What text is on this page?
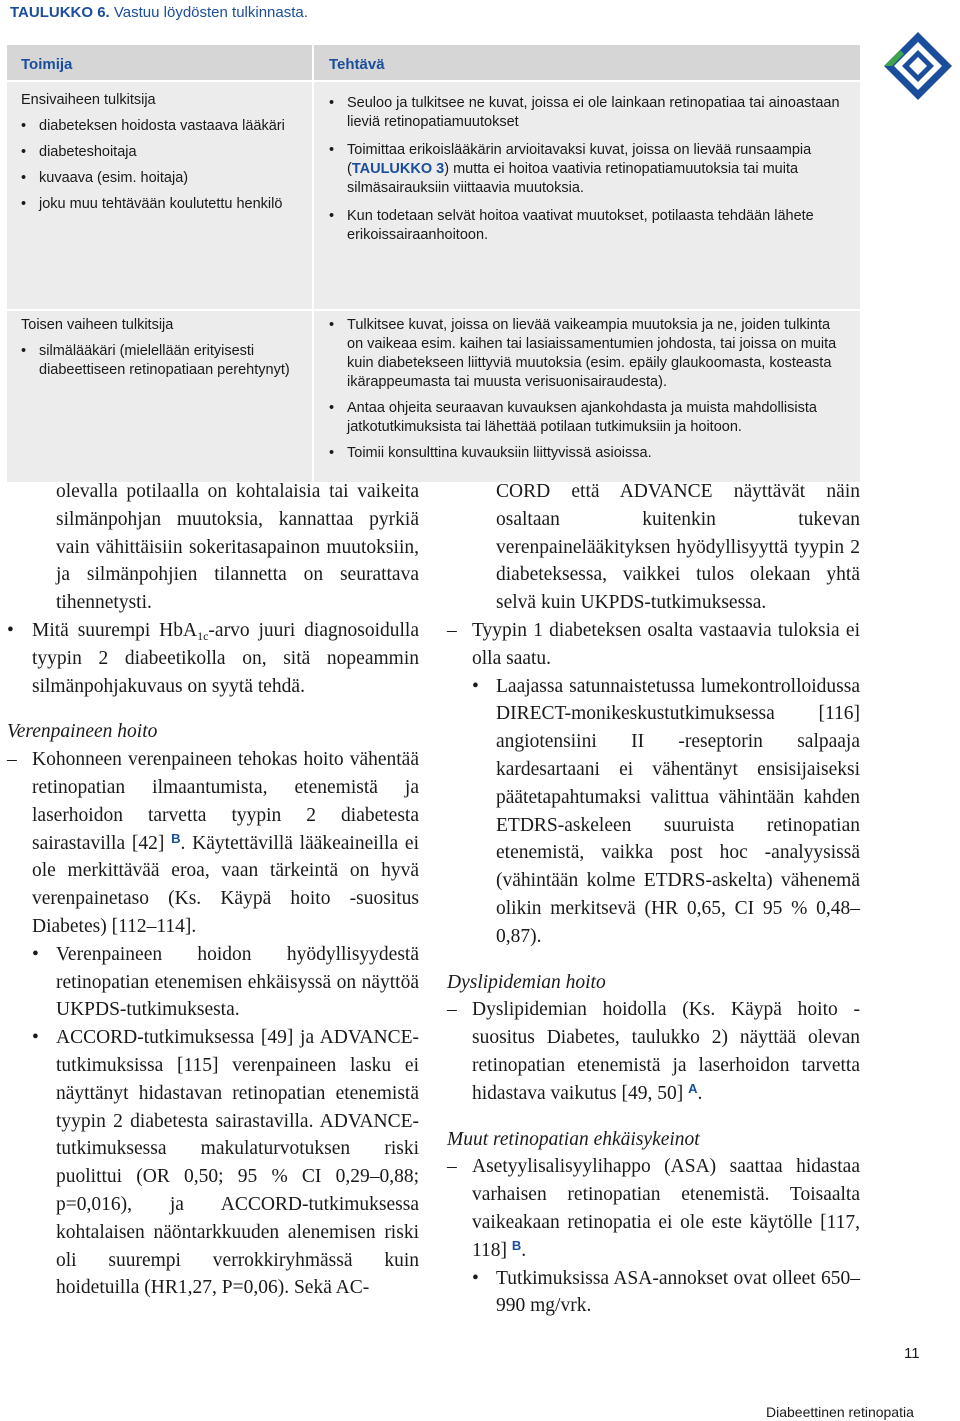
TAULUKKO 6. Vastuu löydösten tulkinnasta.
Toimija	Tehtävä

Ensivaiheen tulkitsija

• diabeteksen hoidosta vastaava lääkäri
• diabeteshoitaja
• kuvaava (esim. hoitaja)
• joku muu tehtävään koulutettu henkilö
• Seuloo ja tulkitsee ne kuvat, joissa ei ole lainkaan retinopatiaa tai ainoastaan lieviä retinopatiamuutokset
• Toimittaa erikoislääkärin arvioitavaksi kuvat, joissa on lievää runsaampia (TAULUKKO 3) mutta ei hoitoa vaativia retinopatiamuutoksia tai muita silmäsairauksiin viittaavia muutoksia.
• Kun todetaan selvät hoitoa vaativat muutokset, potilaasta tehdään lähete erikoissairaanhoitoon.

Toisen vaiheen tulkitsija

• silmälääkäri (mielellään erityisesti diabeettiseen retinopatiaan perehtynyt)
• Tulkitsee kuvat, joissa on lievää vaikeampia muutoksia ja ne, joiden tulkinta on vaikeaa esim. kaihen tai lasiaissamentumien johdosta, tai joissa on muita kuin diabetekseen liittyviä muutoksia (esim. epäily glaukoomasta, kosteasta ikärappeumasta tai muusta verisuonisairaudesta).
• Antaa ohjeita seuraavan kuvauksen ajankohdasta ja muista mahdollisista jatkotutkimuksista tai lähettää potilaan tutkimuksiin ja hoitoon.
• Toimii konsulttina kuvauksiin liittyvissä asioissa.

olevalla potilaalla on kohtalaisia tai vaikeita silmänpohjan muutoksia, kannattaa pyrkiä vain vähittäisiin sokeritasapainon muutoksiin, ja silmänpohjien tilannetta on seurattava tihennetysti.

• Mitä suurempi HbA$_{1c}$-arvo juuri diagnosoidulla tyypin 2 diabeetikolla on, sitä nopeammin silmänpohjakuvaus on syytä tehdä.

Verenpaineen hoito

– Kohonneen verenpaineen tehokas hoito vähentää retinopatian ilmaantumista, etenemistä ja laserhoidon tarvetta tyypin 2 diabetesta sairastavilla [42] $^B$. Käytettävillä lääkeaineilla ei ole merkittävää eroa, vaan tärkeintä on hyvä verenpainetaso (Ks. Käypä hoito -suositus Diabetes) [112–114].

• Verenpaineen hoidon hyödyllisyydestä retinopatian etenemisen ehkäisyssä on näyttöä UKPDS-tutkimuksesta.

• ACCORD-tutkimuksessa [49] ja ADVANCE-tutkimuksissa [115] verenpaineen lasku ei näyttänyt hidastavan retinopatian etenemistä tyypin 2 diabetesta sairastavilla. ADVANCE-tutkimuksessa makulaturvotuksen riski puolittui (OR 0,50; 95 % CI 0,29–0,88; p=0,016), ja ACCORD-tutkimuksessa kohtalaisen näöntarkkuuden alenemisen riski oli suurempi verrokkiryhmässä kuin hoidetuilla (HR1,27, P=0,06). Sekä AC-

CORD että ADVANCE näyttävät näin osaltaan kuitenkin tukevan verenpainelääkityksen hyödyllisyyttä tyypin 2 diabeteksessa, vaikkei tulos olekaan yhtä selvä kuin UKPDS-tutkimuksessa.

– Tyypin 1 diabeteksen osalta vastaavia tuloksia ei olla saatu.

• Laajassa satunnaistetussa lumekontrolloidussa DIRECT-monikeskustutkimuksessa [116] angiotensiini II -reseptorin salpaaja kardesartaani ei vähentänyt ensisijaiseksi päätetapahtumaksi valittua vähintään kahden ETDRS-askeleen suuruista retinopatian etenemistä, vaikka post hoc -analyysissä (vähintään kolme ETDRS-askelta) vähenemä olikin merkitsevä (HR 0,65, CI 95 % 0,48–0,87).

Dyslipidemian hoito

– Dyslipidemian hoidolla (Ks. Käypä hoito -suositus Diabetes, taulukko 2) näyttää olevan retinopatian etenemistä ja laserhoidon tarvetta hidastava vaikutus [49, 50] $^A$.

Muut retinopatian ehkäisykeinot

– Asetyylisalisyylihappo (ASA) saattaa hidastaa varhaisen retinopatian etenemistä. Toisaalta vaikeakaan retinopatia ei ole este käytölle [117, 118] $^B$.

• Tutkimuksissa ASA-annokset ovat olleet 650–990 mg/vrk.

11
Diabeettinen retinopatia
